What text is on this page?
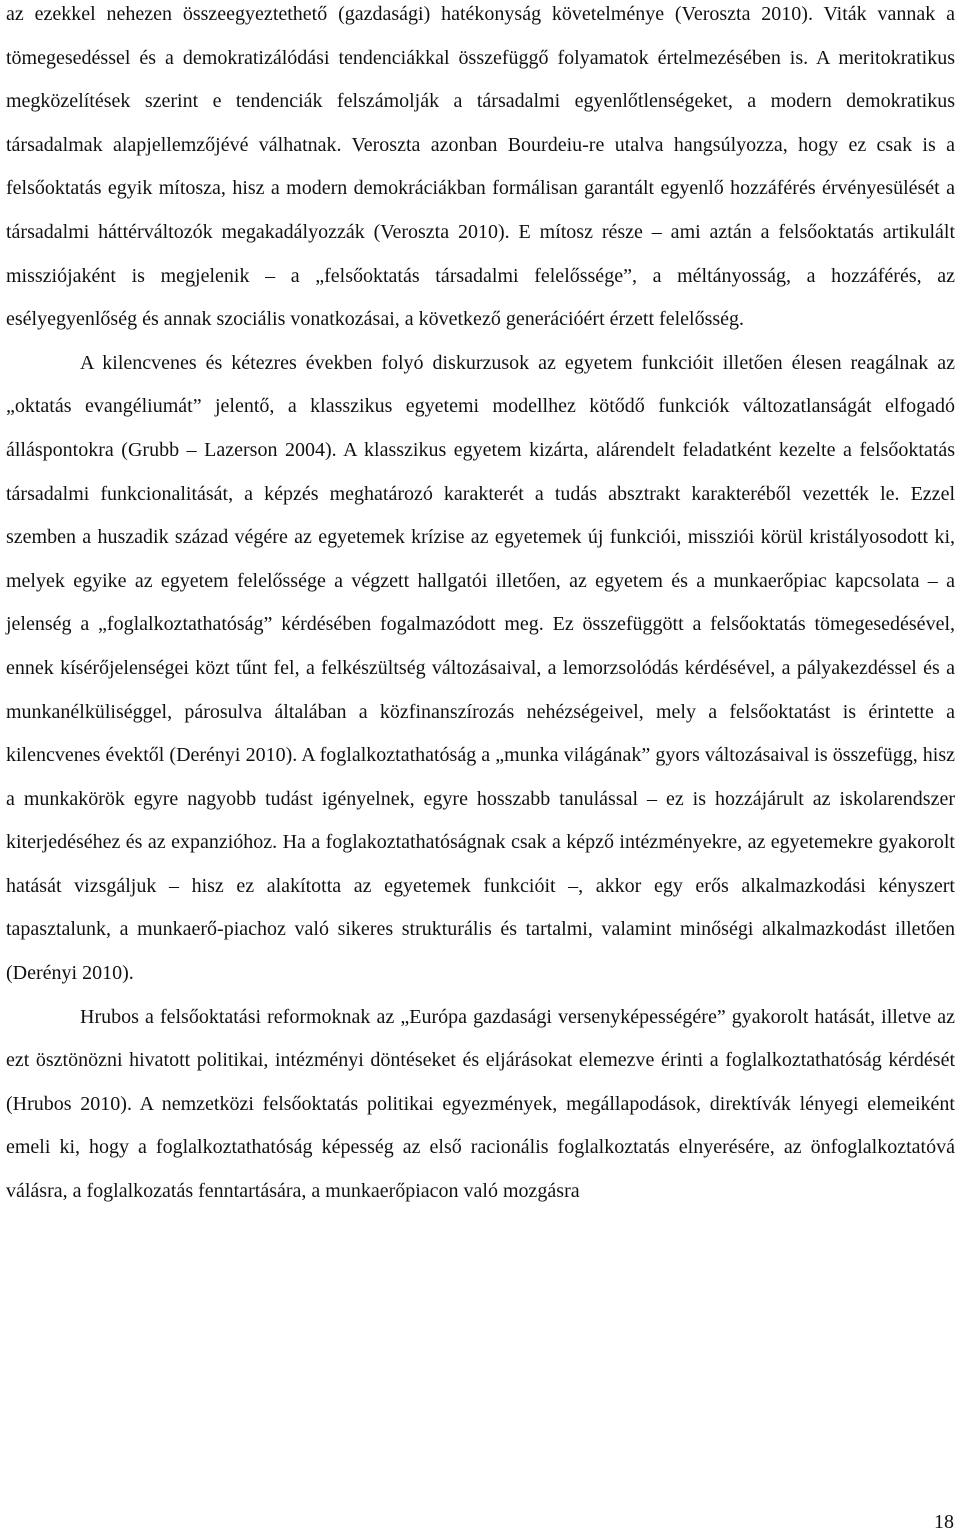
az ezekkel nehezen összeegyeztethető (gazdasági) hatékonyság követelménye (Veroszta 2010). Viták vannak a tömegesedéssel és a demokratizálódási tendenciákkal összefüggő folyamatok értelmezésében is. A meritokratikus megközelítések szerint e tendenciák felszámolják a társadalmi egyenlőtlenségeket, a modern demokratikus társadalmak alapjellemzőjévé válhatnak. Veroszta azonban Bourdeiu-re utalva hangsúlyozza, hogy ez csak is a felsőoktatás egyik mítosza, hisz a modern demokráciákban formálisan garantált egyenlő hozzáférés érvényesülését a társadalmi háttérváltozók megakadályozzák (Veroszta 2010). E mítosz része – ami aztán a felsőoktatás artikulált missziójaként is megjelenik – a „felsőoktatás társadalmi felelőssége”, a méltányosság, a hozzáférés, az esélyegyenlőség és annak szociális vonatkozásai, a következő generációért érzett felelősség.

A kilencvenes és kétezres években folyó diskurzusok az egyetem funkcióit illetően élesen reagálnak az „oktatás evangéliumát” jelentő, a klasszikus egyetemi modellhez kötődő funkciók változatlanságát elfogadó álláspontokra (Grubb – Lazerson 2004). A klasszikus egyetem kizárta, alárendelt feladatként kezelte a felsőoktatás társadalmi funkcionalitását, a képzés meghatározó karakterét a tudás absztrakt karakteréből vezették le. Ezzel szemben a huszadik század végére az egyetemek krízise az egyetemek új funkciói, missziói körül kristályosodott ki, melyek egyike az egyetem felelőssége a végzett hallgatói illetően, az egyetem és a munkaerőpiac kapcsolata – a jelenség a „foglalkoztathatóság” kérdésében fogalmazódott meg. Ez összefüggött a felsőoktatás tömegesedésével, ennek kísérőjelenségei közt tűnt fel, a felkészültség változásaival, a lemorzsolódás kérdésével, a pályakezdéssel és a munkanélküliséggel, párosulva általában a közfinanszírozás nehézségeivel, mely a felsőoktatást is érintette a kilencvenes évektől (Derényi 2010). A foglalkoztathatóság a „munka világának” gyors változásaival is összefügg, hisz a munkakörök egyre nagyobb tudást igényelnek, egyre hosszabb tanulással – ez is hozzájárult az iskolarendszer kiterjedéséhez és az expanzióhoz. Ha a foglakoztathatóságnak csak a képző intézményekre, az egyetemekre gyakorolt hatását vizsgáljuk – hisz ez alakította az egyetemek funkcióit –, akkor egy erős alkalmazkodási kényszert tapasztalunk, a munkaerő-piachoz való sikeres strukturális és tartalmi, valamint minőségi alkalmazkodást illetően (Derényi 2010).

Hrubos a felsőoktatási reformoknak az „Európa gazdasági versenyképességére” gyakorolt hatását, illetve az ezt ösztönözni hivatott politikai, intézményi döntéseket és eljárásokat elemezve érinti a foglalkoztathatóság kérdését (Hrubos 2010). A nemzetközi felsőoktatás politikai egyezmények, megállapodások, direktívák lényegi elemeiként emeli ki, hogy a foglalkoztathatóság képesség az első racionális foglalkoztatás elnyerésére, az önfoglalkoztatóvá válásra, a foglalkozatás fenntartására, a munkaerőpiacon való mozgásra

18
